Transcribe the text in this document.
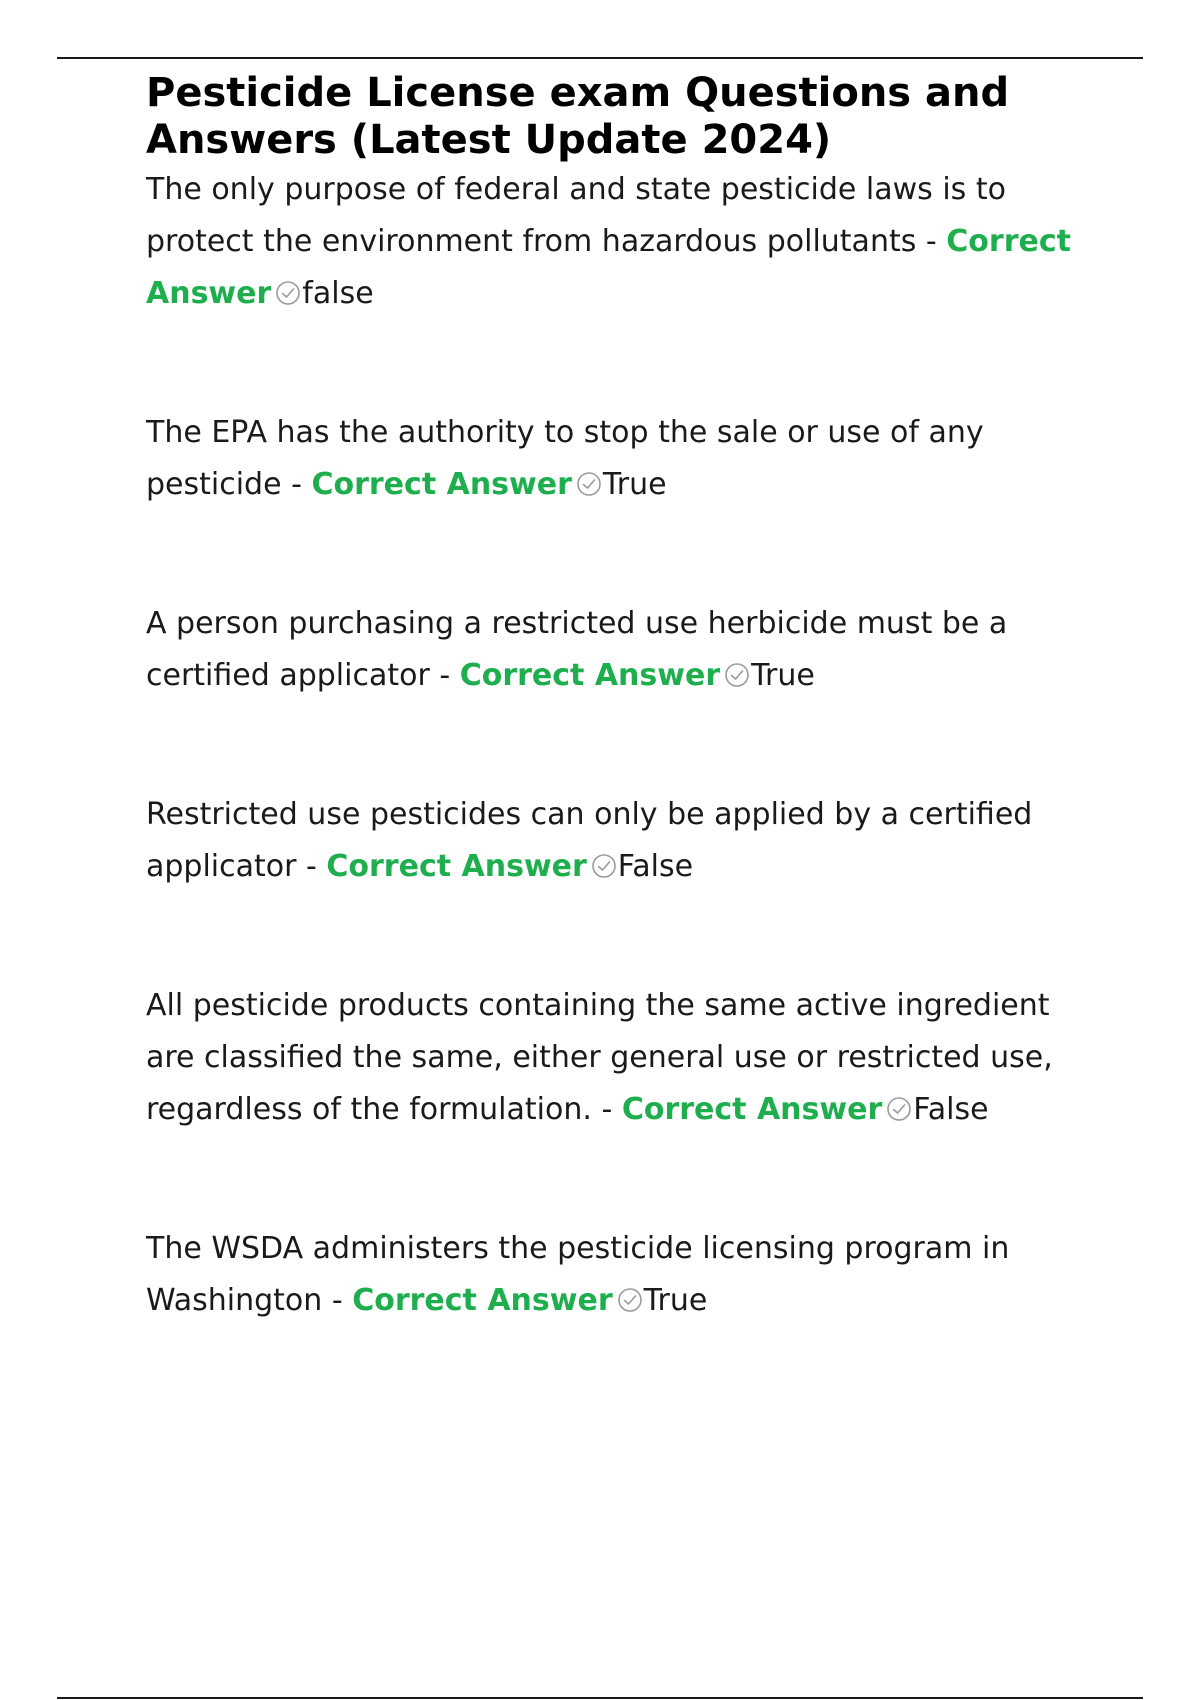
Pesticide License exam Questions and Answers (Latest Update 2024)

The only purpose of federal and state pesticide laws is to protect the environment from hazardous pollutants - Correct Answer false

The EPA has the authority to stop the sale or use of any pesticide - Correct Answer True

A person purchasing a restricted use herbicide must be a certified applicator - Correct Answer True

Restricted use pesticides can only be applied by a certified applicator - Correct Answer False

All pesticide products containing the same active ingredient are classified the same, either general use or restricted use, regardless of the formulation. - Correct Answer False

The WSDA administers the pesticide licensing program in Washington - Correct Answer True
